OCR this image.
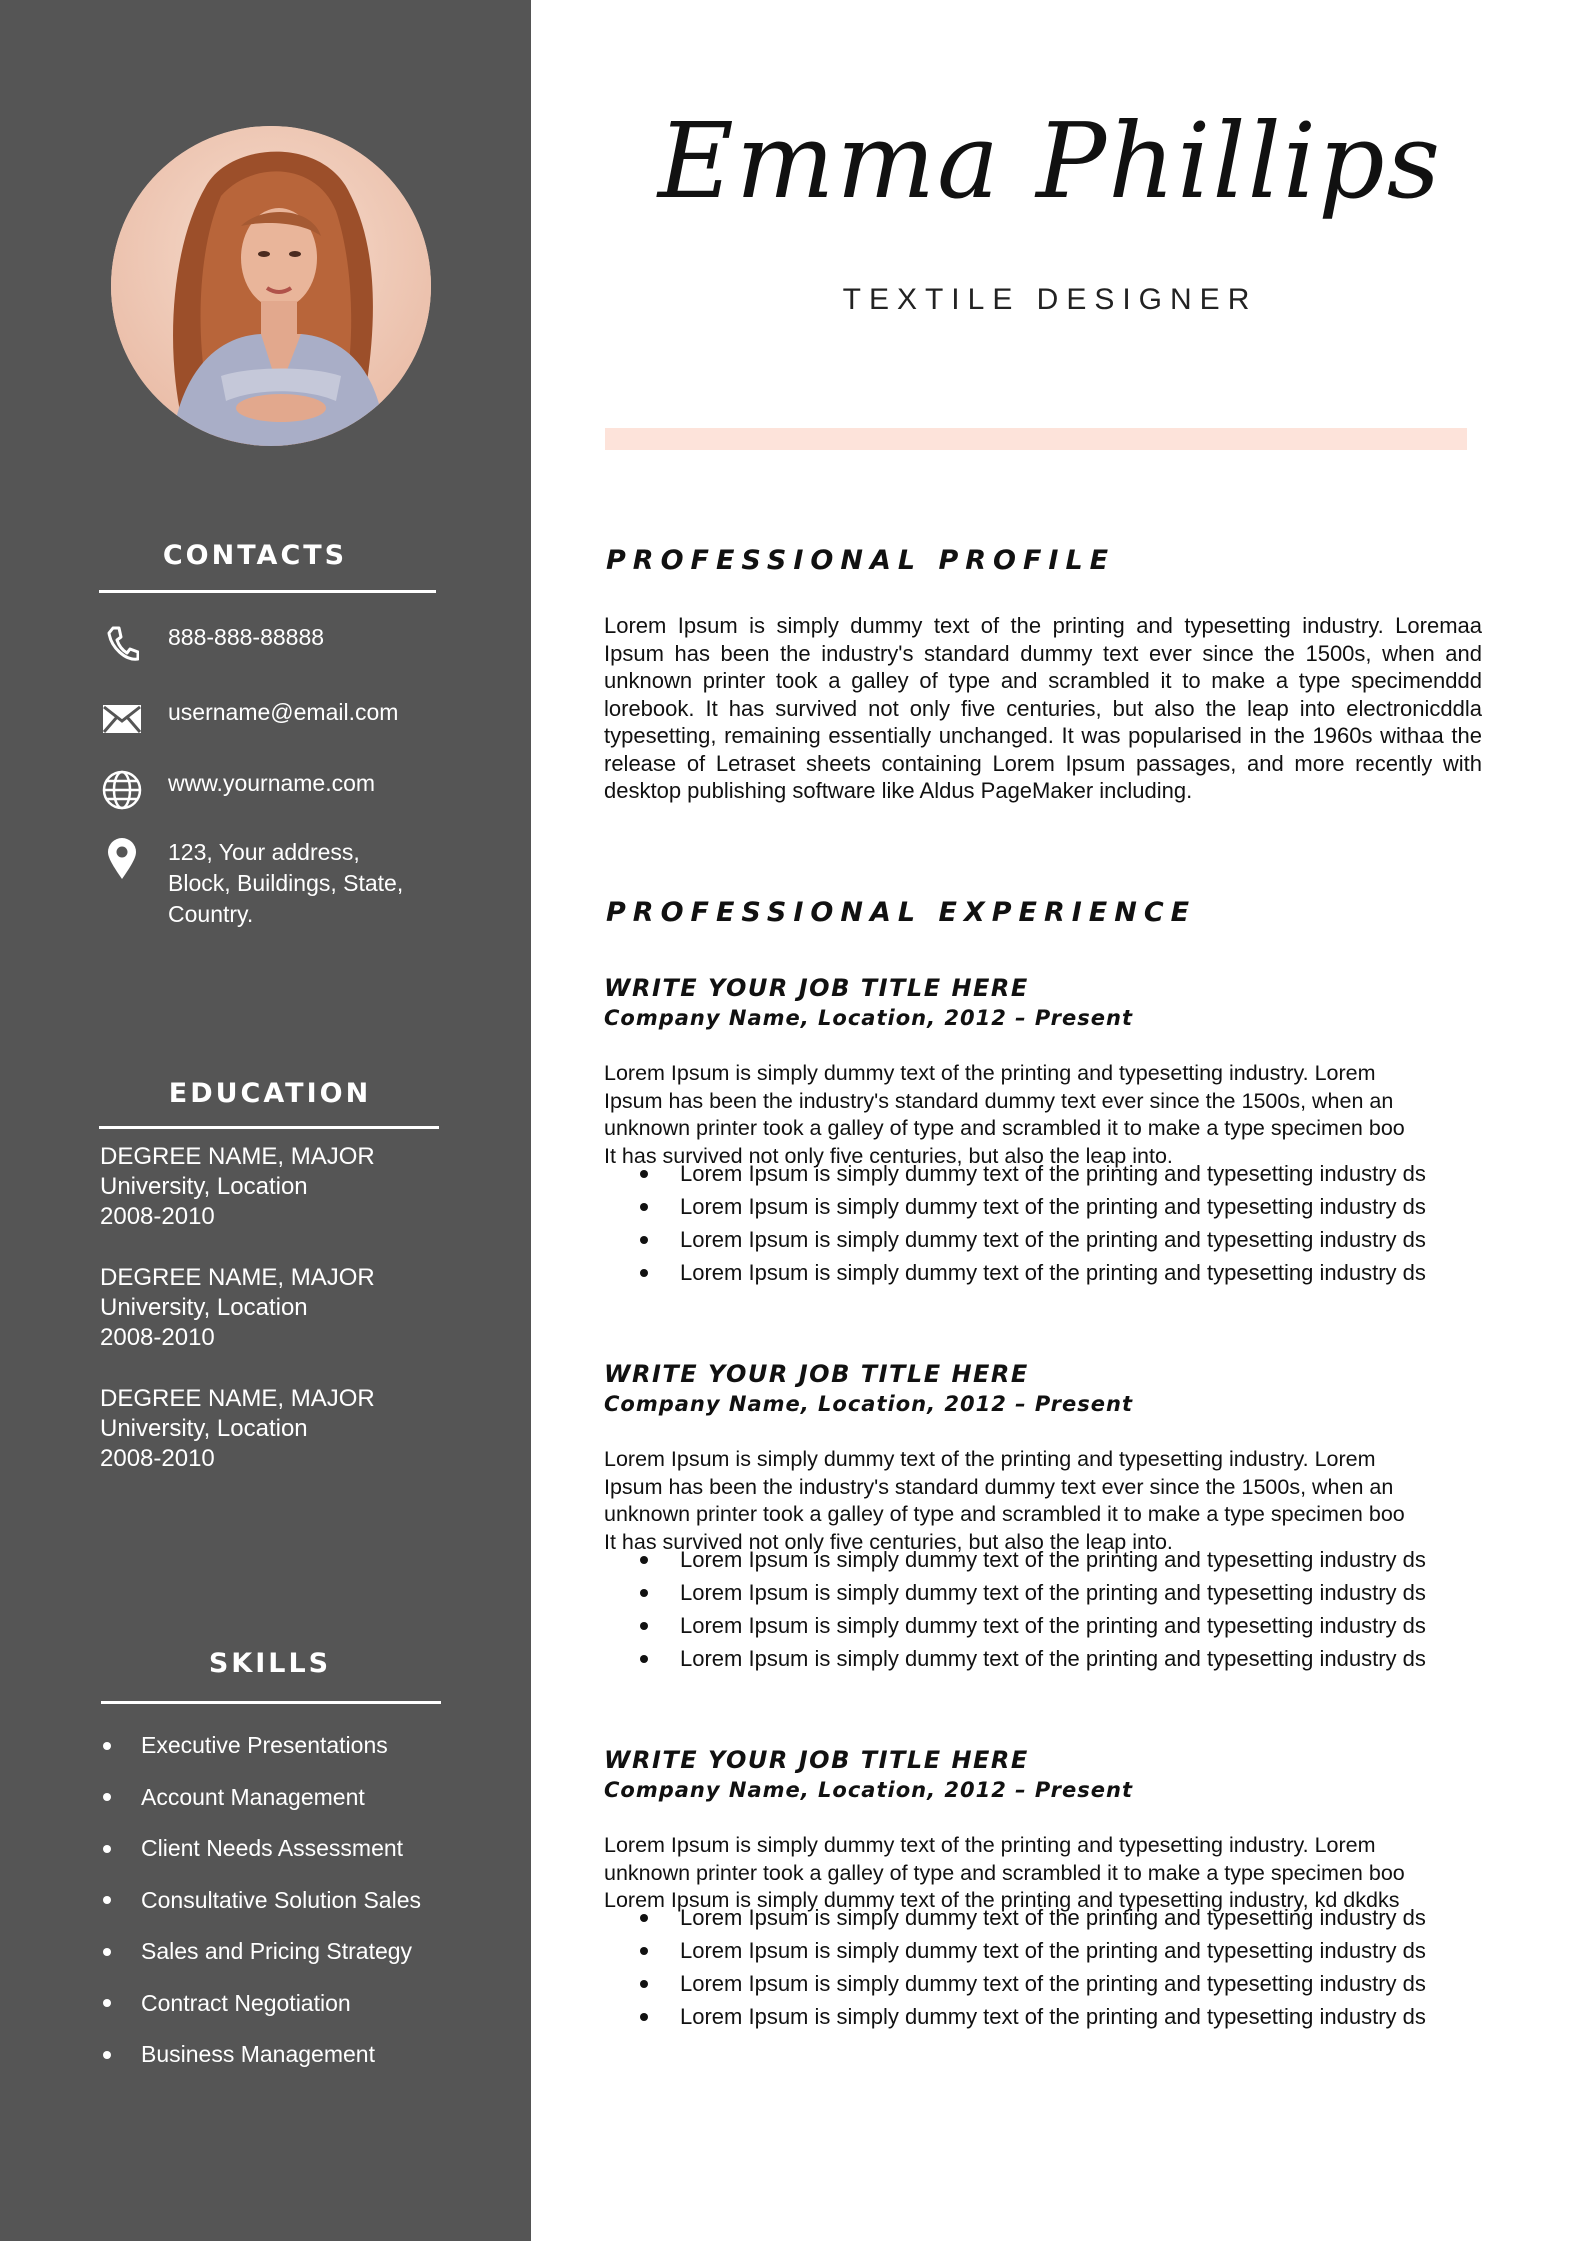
CONTACTS
888-888-88888
username@email.com
www.yourname.com
123, Your address,
Block, Buildings, State,
Country.
EDUCATION
DEGREE NAME, MAJOR
University, Location
2008-2010
DEGREE NAME, MAJOR
University, Location
2008-2010
DEGREE NAME, MAJOR
University, Location
2008-2010
SKILLS
Executive Presentations
Account Management
Client Needs Assessment
Consultative Solution Sales
Sales and Pricing Strategy
Contract Negotiation
Business Management
Emma Phillips
TEXTILE DESIGNER
PROFESSIONAL PROFILE
Lorem Ipsum is simply dummy text of the printing and typesetting industry. Loremaa Ipsum has been the industry's standard dummy text ever since the 1500s, when and unknown printer took a galley of type and scrambled it to make a type specimenddd lorebook. It has survived not only five centuries, but also the leap into electronicddla typesetting, remaining essentially unchanged. It was popularised in the 1960s withaa the release of Letraset sheets containing Lorem Ipsum passages, and more recently with desktop publishing software like Aldus PageMaker including.
PROFESSIONAL EXPERIENCE
WRITE YOUR JOB TITLE HERE
Company Name, Location, 2012 – Present
Lorem Ipsum is simply dummy text of the printing and typesetting industry. Lorem
Ipsum has been the industry's standard dummy text ever since the 1500s, when an
unknown printer took a galley of type and scrambled it to make a type specimen boo
It has survived not only five centuries, but also the leap into.
Lorem Ipsum is simply dummy text of the printing and typesetting industry ds
Lorem Ipsum is simply dummy text of the printing and typesetting industry ds
Lorem Ipsum is simply dummy text of the printing and typesetting industry ds
Lorem Ipsum is simply dummy text of the printing and typesetting industry ds
WRITE YOUR JOB TITLE HERE
Company Name, Location, 2012 – Present
Lorem Ipsum is simply dummy text of the printing and typesetting industry. Lorem
Ipsum has been the industry's standard dummy text ever since the 1500s, when an
unknown printer took a galley of type and scrambled it to make a type specimen boo
It has survived not only five centuries, but also the leap into.
Lorem Ipsum is simply dummy text of the printing and typesetting industry ds
Lorem Ipsum is simply dummy text of the printing and typesetting industry ds
Lorem Ipsum is simply dummy text of the printing and typesetting industry ds
Lorem Ipsum is simply dummy text of the printing and typesetting industry ds
WRITE YOUR JOB TITLE HERE
Company Name, Location, 2012 – Present
Lorem Ipsum is simply dummy text of the printing and typesetting industry. Lorem
unknown printer took a galley of type and scrambled it to make a type specimen boo
Lorem Ipsum is simply dummy text of the printing and typesetting industry, kd dkdks
Lorem Ipsum is simply dummy text of the printing and typesetting industry ds
Lorem Ipsum is simply dummy text of the printing and typesetting industry ds
Lorem Ipsum is simply dummy text of the printing and typesetting industry ds
Lorem Ipsum is simply dummy text of the printing and typesetting industry ds
